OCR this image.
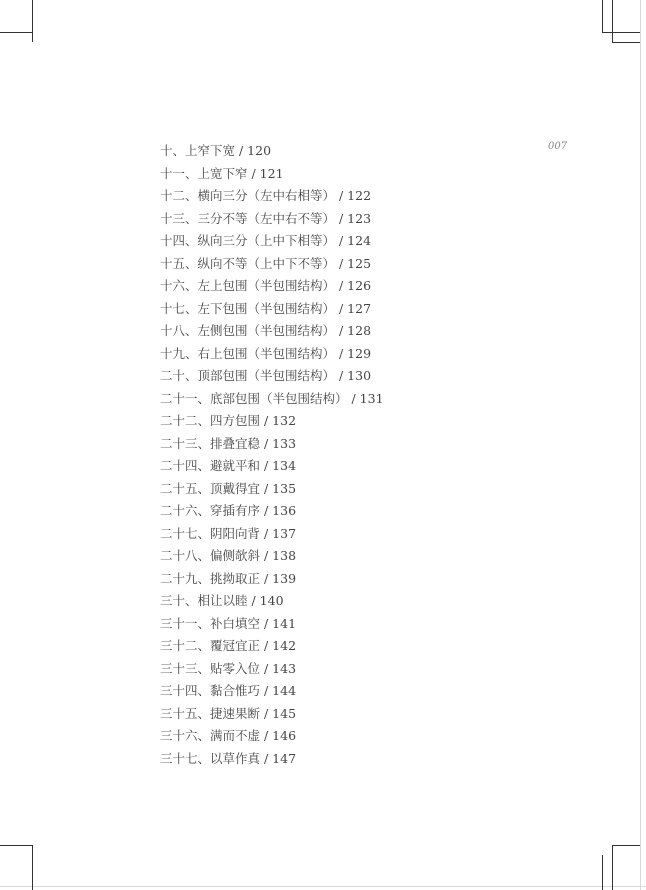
007
十、上窄下宽 / 120
十一、上宽下窄 / 121
十二、横向三分（左中右相等） / 122
十三、三分不等（左中右不等） / 123
十四、纵向三分（上中下相等） / 124
十五、纵向不等（上中下不等） / 125
十六、左上包围（半包围结构） / 126
十七、左下包围（半包围结构） / 127
十八、左侧包围（半包围结构） / 128
十九、右上包围（半包围结构） / 129
二十、顶部包围（半包围结构） / 130
二十一、底部包围（半包围结构） / 131
二十二、四方包围 / 132
二十三、排叠宜稳 / 133
二十四、避就平和 / 134
二十五、顶戴得宜 / 135
二十六、穿插有序 / 136
二十七、阴阳向背 / 137
二十八、偏侧欹斜 / 138
二十九、挑拗取正 / 139
三十、相让以睦 / 140
三十一、补白填空 / 141
三十二、覆冠宜正 / 142
三十三、贴零入位 / 143
三十四、黏合惟巧 / 144
三十五、捷速果断 / 145
三十六、满而不虚 / 146
三十七、以草作真 / 147
